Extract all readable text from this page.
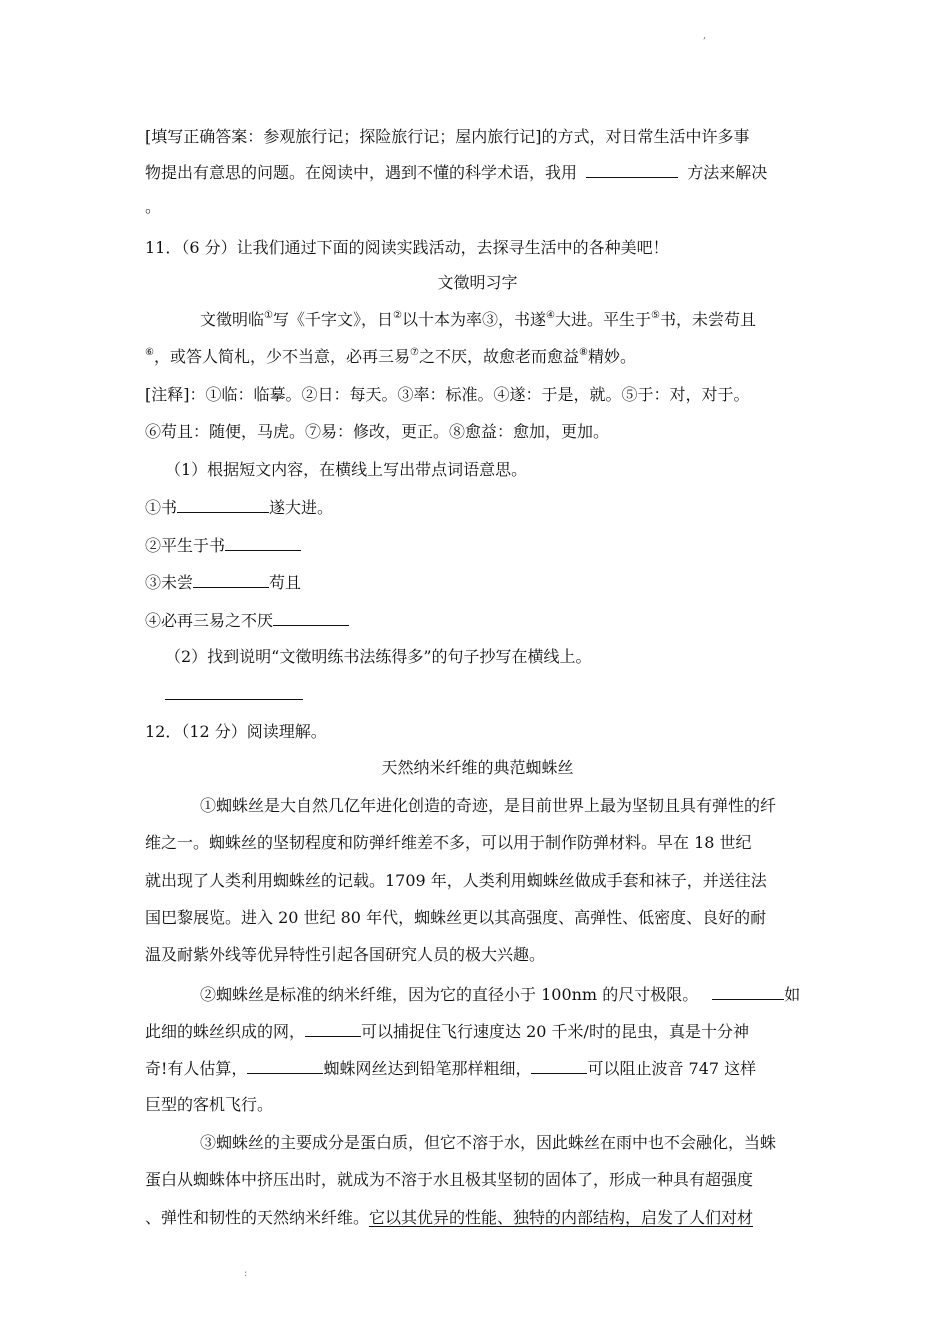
,
[填写正确答案：参观旅行记；探险旅行记；屋内旅行记]的方式，对日常生活中许多事
物提出有意思的问题。在阅读中，遇到不懂的科学术语，我用	方法来解决
。
11．（6 分）让我们通过下面的阅读实践活动，去探寻生活中的各种美吧！
文徵明习字
文徵明临①写《千字文》，日②以十本为率③，书遂④大进。平生于⑤书，未尝苟且
⑥，或答人简札，少不当意，必再三易⑦之不厌，故愈老而愈益⑧精妙。
[注释]：①临：临摹。②日：每天。③率：标准。④遂：于是，就。⑤于：对，对于。
⑥苟且：随便，马虎。⑦易：修改，更正。⑧愈益：愈加，更加。
（1）根据短文内容，在横线上写出带点词语意思。
①书	遂大进。
②平生于书
③未尝	苟且
④必再三易之不厌
（2）找到说明“文徵明练书法练得多”的句子抄写在横线上。
12．（12 分）阅读理解。
天然纳米纤维的典范蜘蛛丝
①蜘蛛丝是大自然几亿年进化创造的奇迹，是目前世界上最为坚韧且具有弹性的纤
维之一。蜘蛛丝的坚韧程度和防弹纤维差不多，可以用于制作防弹材料。早在 18 世纪
就出现了人类利用蜘蛛丝的记载。1709 年，人类利用蜘蛛丝做成手套和袜子，并送往法
国巴黎展览。进入 20 世纪 80 年代，蜘蛛丝更以其高强度、高弹性、低密度、良好的耐
温及耐紫外线等优异特性引起各国研究人员的极大兴趣。
②蜘蛛丝是标准的纳米纤维，因为它的直径小于 100nm 的尺寸极限。	如
此细的蛛丝织成的网，	可以捕捉住飞行速度达 20 千米/时的昆虫，真是十分神
奇!有人估算，	蜘蛛网丝达到铅笔那样粗细，	可以阻止波音 747 这样
巨型的客机飞行。
③蜘蛛丝的主要成分是蛋白质，但它不溶于水，因此蛛丝在雨中也不会融化，当蛛
蛋白从蜘蛛体中挤压出时，就成为不溶于水且极其坚韧的固体了，形成一种具有超强度
、弹性和韧性的天然纳米纤维。它以其优异的性能、独特的内部结构，启发了人们对材
:
